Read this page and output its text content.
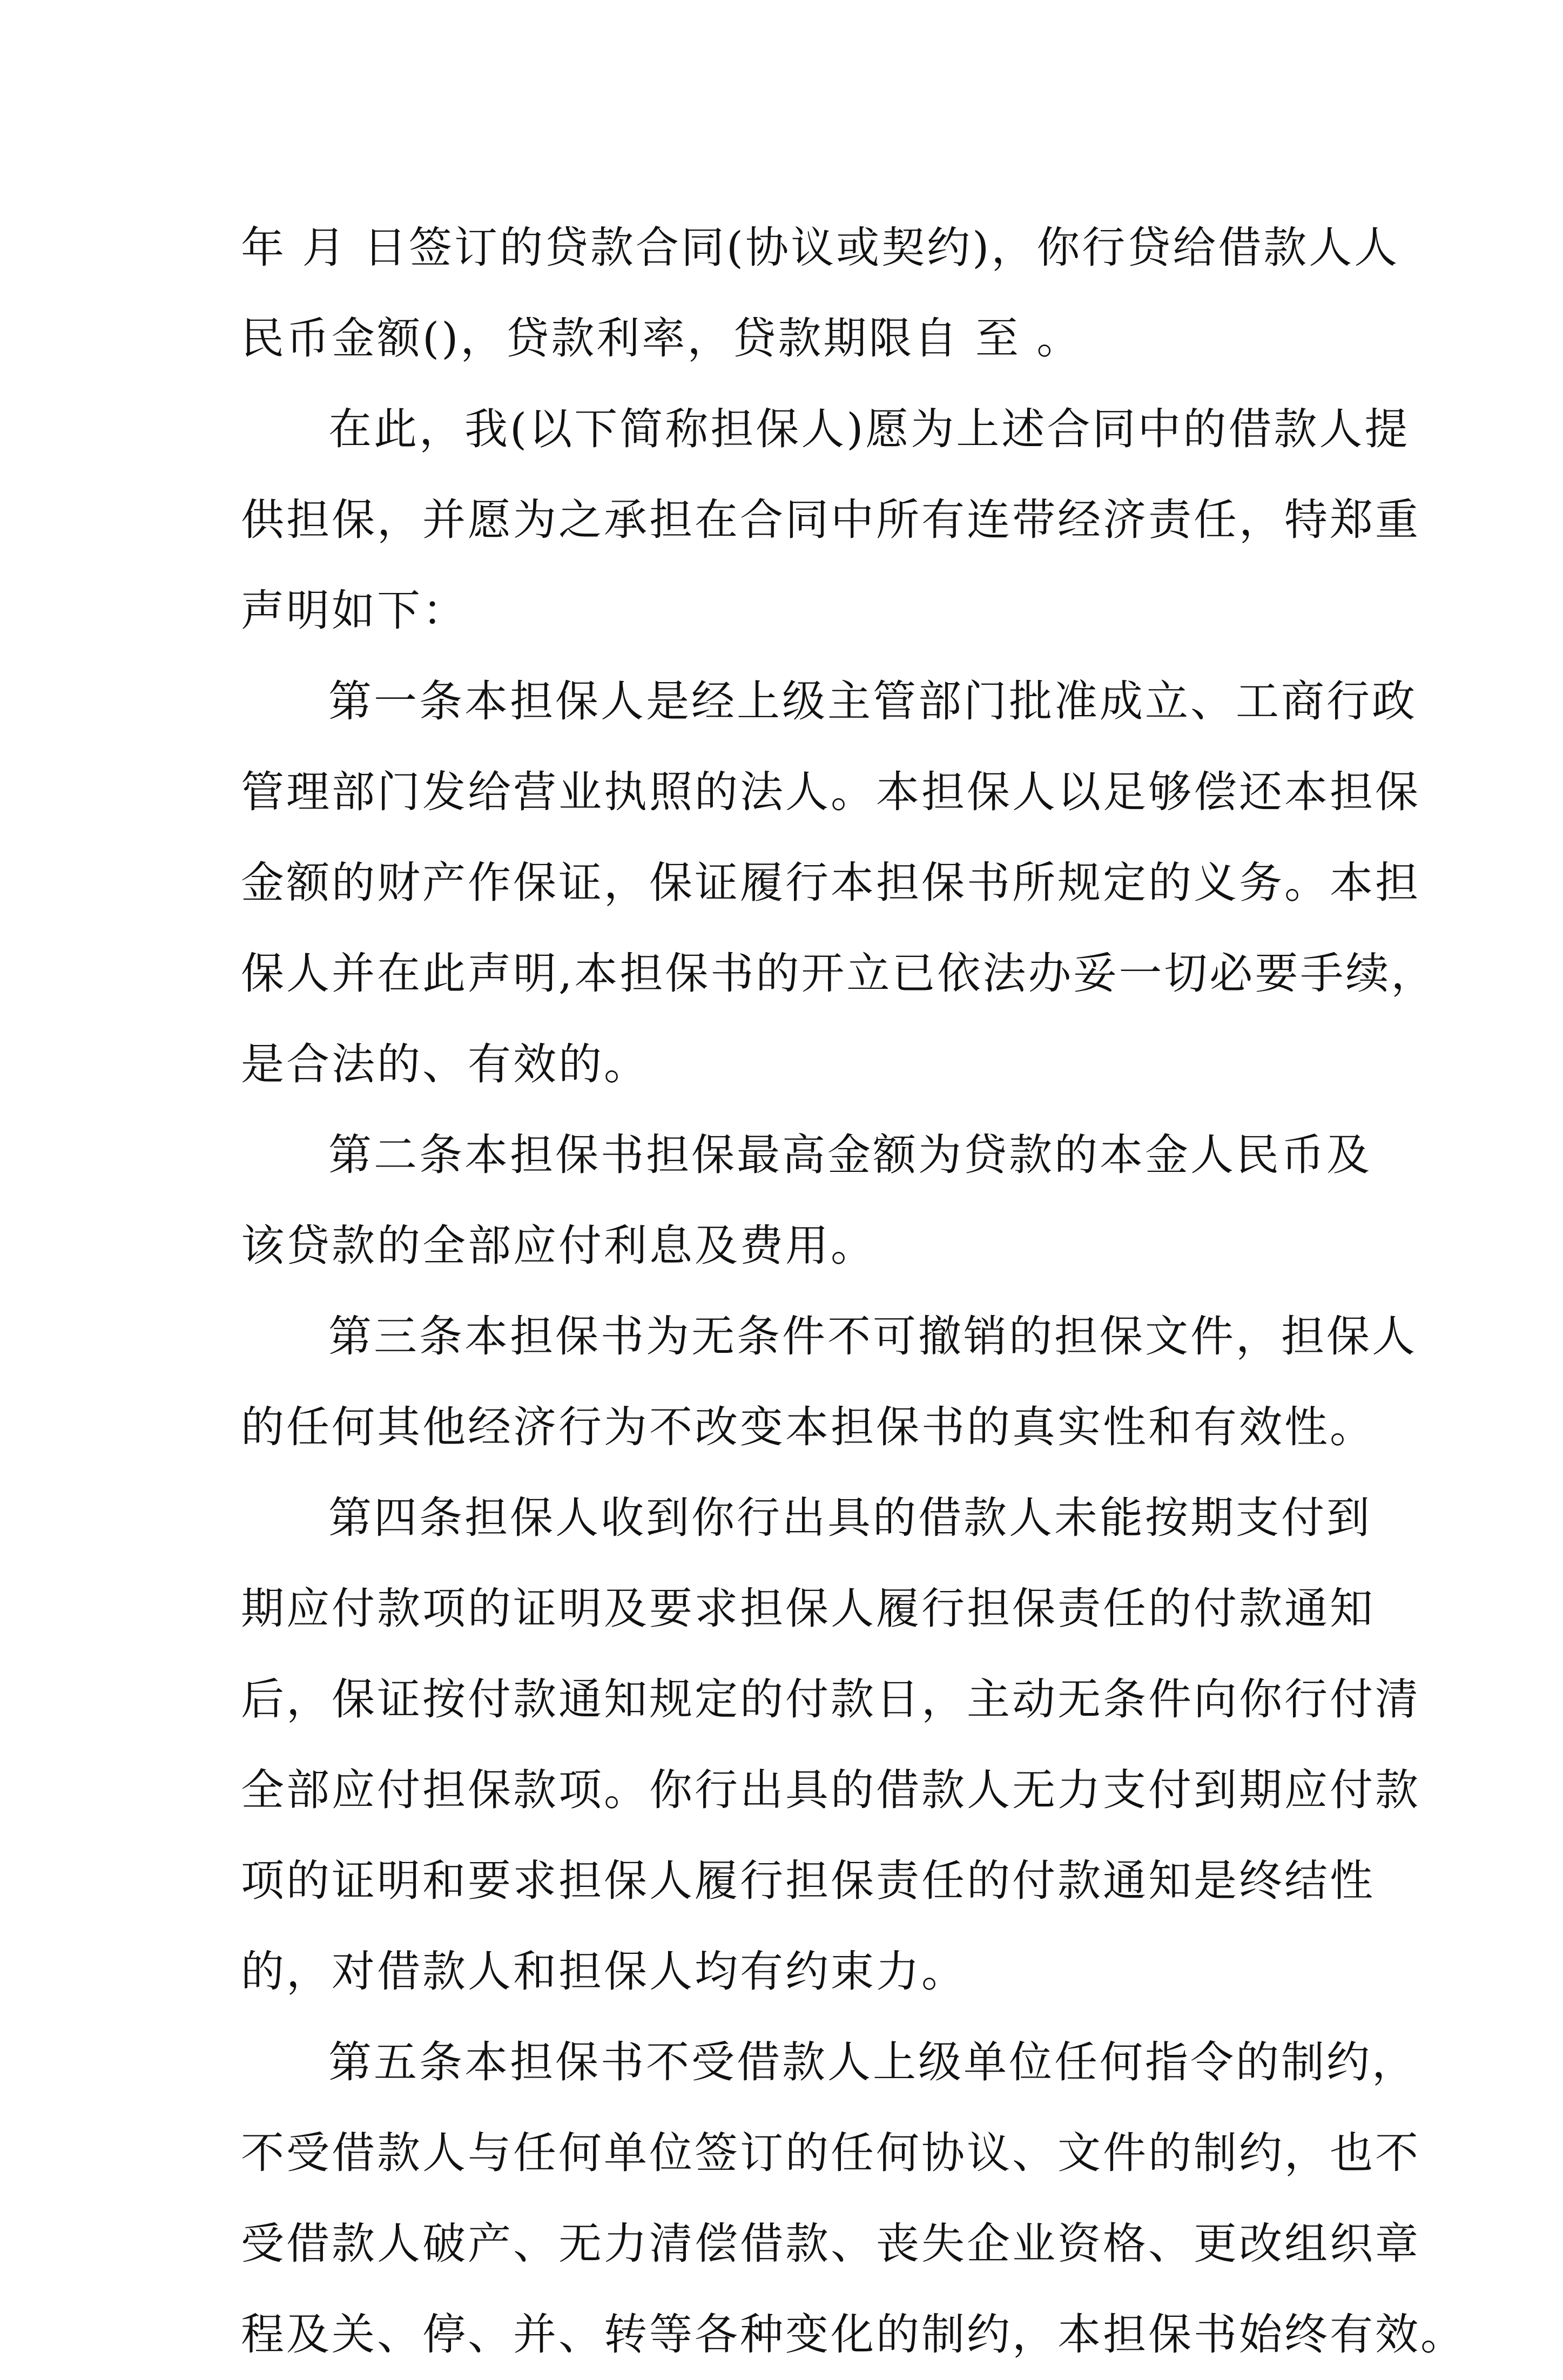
年 月 日签订的贷款合同(协议或契约)，你行贷给借款人人
民币金额()，贷款利率，贷款期限自 至 。
在此，我(以下简称担保人)愿为上述合同中的借款人提
供担保，并愿为之承担在合同中所有连带经济责任，特郑重
声明如下：
第一条本担保人是经上级主管部门批准成立、工商行政
管理部门发给营业执照的法人。本担保人以足够偿还本担保
金额的财产作保证，保证履行本担保书所规定的义务。本担
保人并在此声明,本担保书的开立已依法办妥一切必要手续，
是合法的、有效的。
第二条本担保书担保最高金额为贷款的本金人民币及
该贷款的全部应付利息及费用。
第三条本担保书为无条件不可撤销的担保文件，担保人
的任何其他经济行为不改变本担保书的真实性和有效性。
第四条担保人收到你行出具的借款人未能按期支付到
期应付款项的证明及要求担保人履行担保责任的付款通知
后，保证按付款通知规定的付款日，主动无条件向你行付清
全部应付担保款项。你行出具的借款人无力支付到期应付款
项的证明和要求担保人履行担保责任的付款通知是终结性
的，对借款人和担保人均有约束力。
第五条本担保书不受借款人上级单位任何指令的制约，
不受借款人与任何单位签订的任何协议、文件的制约，也不
受借款人破产、无力清偿借款、丧失企业资格、更改组织章
程及关、停、并、转等各种变化的制约，本担保书始终有效。
